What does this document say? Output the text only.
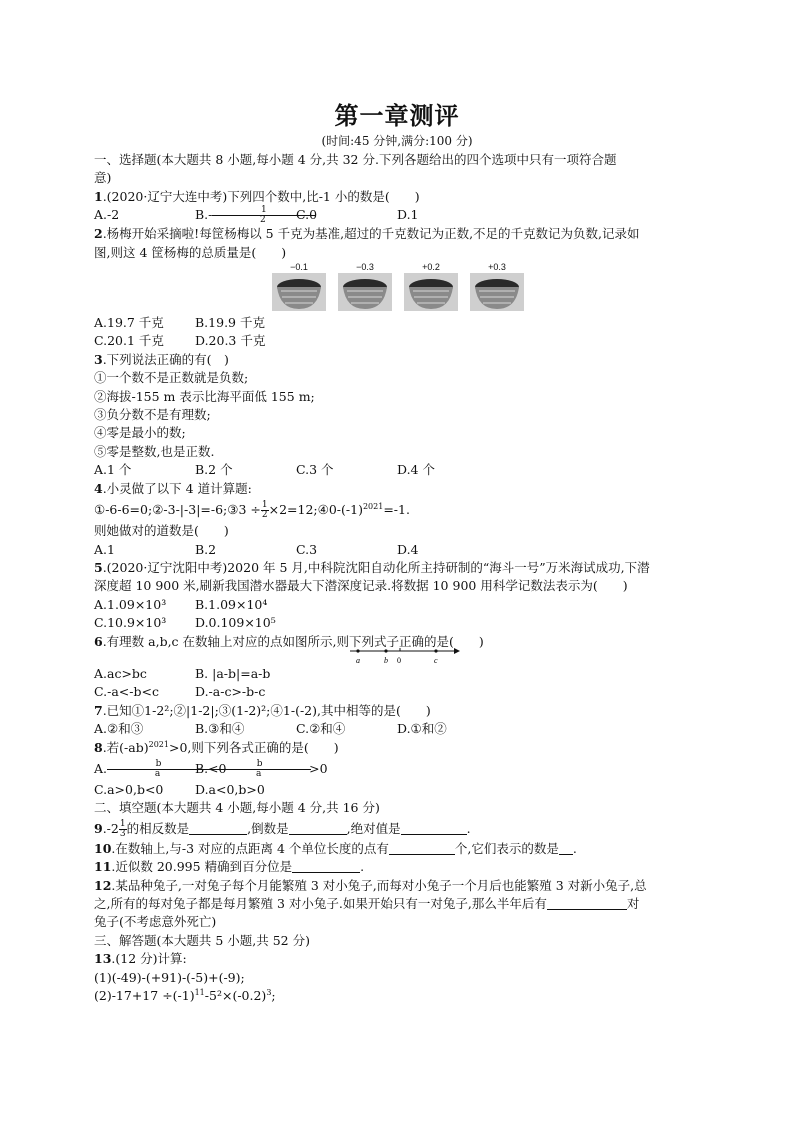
第一章测评
(时间:45 分钟,满分:100 分)
一、选择题(本大题共 8 小题,每小题 4 分,共 32 分.下列各题给出的四个选项中只有一项符合题
意)
1.(2020·辽宁大连中考)下列四个数中,比-1 小的数是(　　)
A.-2	$B.- \frac{1}{2}$
C.0	D.1
2.杨梅开始采摘啦!每筐杨梅以 5 千克为基准,超过的千克数记为正数,不足的千克数记为负数,记录如
图,则这 4 筐杨梅的总质量是(　　)
−0.1	−0.3	+0.2	+0.3
A.19.7 千克	B.19.9 千克
C.20.1 千克	D.20.3 千克
3.下列说法正确的有(　)
①一个数不是正数就是负数;
②海拔-155 m 表示比海平面低 155 m;
③负分数不是有理数;
④零是最小的数;
⑤零是整数,也是正数.
A.1 个	B.2 个	C.3 个	D.4 个
4.小灵做了以下 4 道计算题:
①-6-6=0;②-3-|-3|=-6;③3 ÷ $\frac{1}{2}$ $\times 2=12;④0-(-1)^{2021}=-1$.
则她做对的道数是(　　)
A.1	B.2	C.3	D.4
5.(2020·辽宁沈阳中考)2020 年 5 月,中科院沈阳自动化所主持研制的“海斗一号”万米海试成功,下潜
深度超 10 900 米,刷新我国潜水器最大下潜深度记录.将数据 10 900 用科学记数法表示为(　　)
A.1.09×10³	B.1.09×10⁴
C.10.9×10³	D.0.109×10⁵
6.有理数 a,b,c 在数轴上对应的点如图所示,则下列式子正确的是(　　)
a	b 0	c
A.ac>bc	B. |a-b|=a-b
C.-a<-b<c	D.-a-c>-b-c
7.已知①1-2²;②|1-2|;③(1-2)²;④1-(-2),其中相等的是(　　)
A.②和③	B.③和④	C.②和④	D.①和②
8.若$(-ab)^{2021}>0$,则下列各式正确的是(　　)
A. $\frac{b}{a} <0$
B. $\frac{b}{a} >0$
C.a>0,b<0	D.a<0,b>0
二、填空题(本大题共 4 小题,每小题 4 分,共 16 分)
$9.-2 \frac{1}{3}$ 的相反数是	,倒数是	,绝对值是	.
10.在数轴上,与-3 对应的点距离 4 个单位长度的点有	个,它们表示的数是 .
11.近似数 20.995 精确到百分位是	.
12.某品种兔子,一对兔子每个月能繁殖 3 对小兔子,而每对小兔子一个月后也能繁殖 3 对新小兔子,总
之,所有的每对兔子都是每月繁殖 3 对小兔子.如果开始只有一对兔子,那么半年后有	对
兔子(不考虑意外死亡)
三、解答题(本大题共 5 小题,共 52 分)
13.(12 分)计算:
(1)(-49)-(+91)-(-5)+(-9);
$(2)-17+17 \div(-1)^{11}-5^2\times(-0.2)^3$;
